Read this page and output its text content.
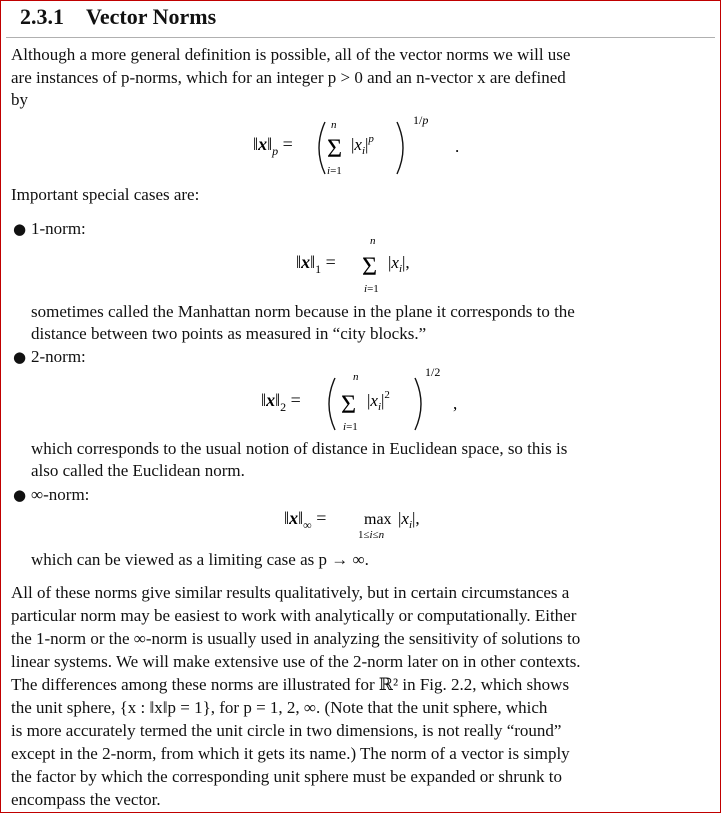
2.3.1 Vector Norms
Although a more general definition is possible, all of the vector norms we will use
are instances of p-norms, which for an integer p > 0 and an n-vector x are defined
by
$‖x‖_p$ =
n
Σ
i=1
$|x_i|^p$
1/p
.
Important special cases are:
● 1-norm:
$‖x‖_1$ =
n
Σ
i=1
$|x_i|$,
sometimes called the Manhattan norm because in the plane it corresponds to the
distance between two points as measured in “city blocks.”
● 2-norm:
$‖x‖_2$ =
n
Σ
i=1
$|x_i|^2$
1/2
,
which corresponds to the usual notion of distance in Euclidean space, so this is
also called the Euclidean norm.
● ∞-norm:
$‖x‖_\infty = \max$
1≤i≤n
$|x_i|$,
which can be viewed as a limiting case as p → ∞.
All of these norms give similar results qualitatively, but in certain circumstances a
particular norm may be easiest to work with analytically or computationally. Either
the 1-norm or the ∞-norm is usually used in analyzing the sensitivity of solutions to
linear systems. We will make extensive use of the 2-norm later on in other contexts.
The differences among these norms are illustrated for ℝ² in Fig. 2.2, which shows
the unit sphere, {x : ‖x‖p = 1}, for p = 1, 2, ∞. (Note that the unit sphere, which
is more accurately termed the unit circle in two dimensions, is not really “round”
except in the 2-norm, from which it gets its name.) The norm of a vector is simply
the factor by which the corresponding unit sphere must be expanded or shrunk to
encompass the vector.
